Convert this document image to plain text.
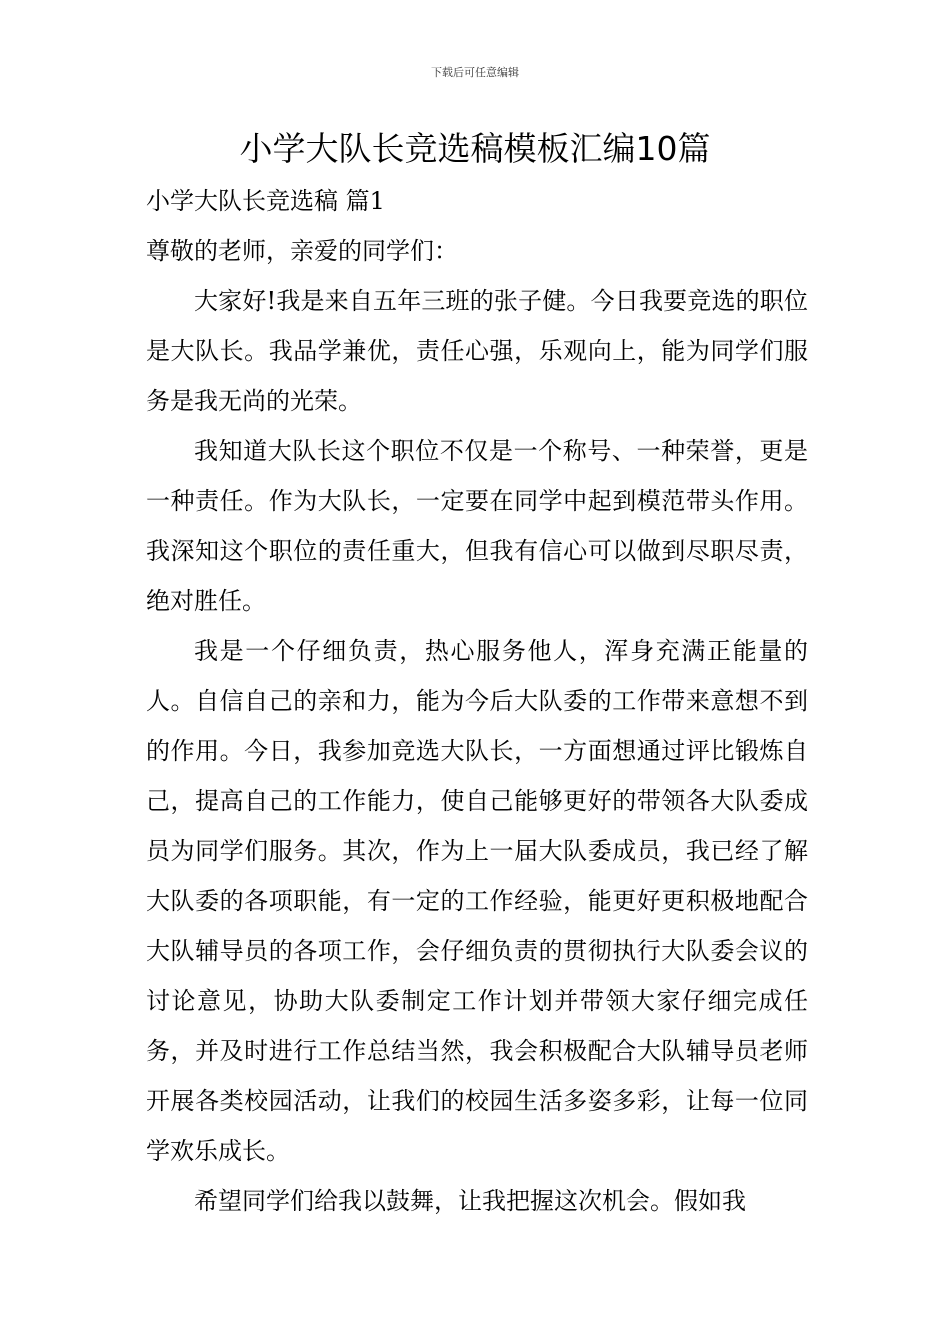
下载后可任意编辑
小学大队长竞选稿模板汇编10篇
小学大队长竞选稿 篇1

尊敬的老师，亲爱的同学们：

大家好!我是来自五年三班的张子健。今日我要竞选的职位是大队长。我品学兼优，责任心强，乐观向上，能为同学们服务是我无尚的光荣。

我知道大队长这个职位不仅是一个称号、一种荣誉，更是一种责任。作为大队长，一定要在同学中起到模范带头作用。我深知这个职位的责任重大，但我有信心可以做到尽职尽责，绝对胜任。

我是一个仔细负责，热心服务他人，浑身充满正能量的人。自信自己的亲和力，能为今后大队委的工作带来意想不到的作用。今日，我参加竞选大队长，一方面想通过评比锻炼自己，提高自己的工作能力，使自己能够更好的带领各大队委成员为同学们服务。其次，作为上一届大队委成员，我已经了解大队委的各项职能，有一定的工作经验，能更好更积极地配合大队辅导员的各项工作，会仔细负责的贯彻执行大队委会议的讨论意见，协助大队委制定工作计划并带领大家仔细完成任务，并及时进行工作总结当然，我会积极配合大队辅导员老师开展各类校园活动，让我们的校园生活多姿多彩，让每一位同学欢乐成长。

希望同学们给我以鼓舞，让我把握这次机会。假如我
